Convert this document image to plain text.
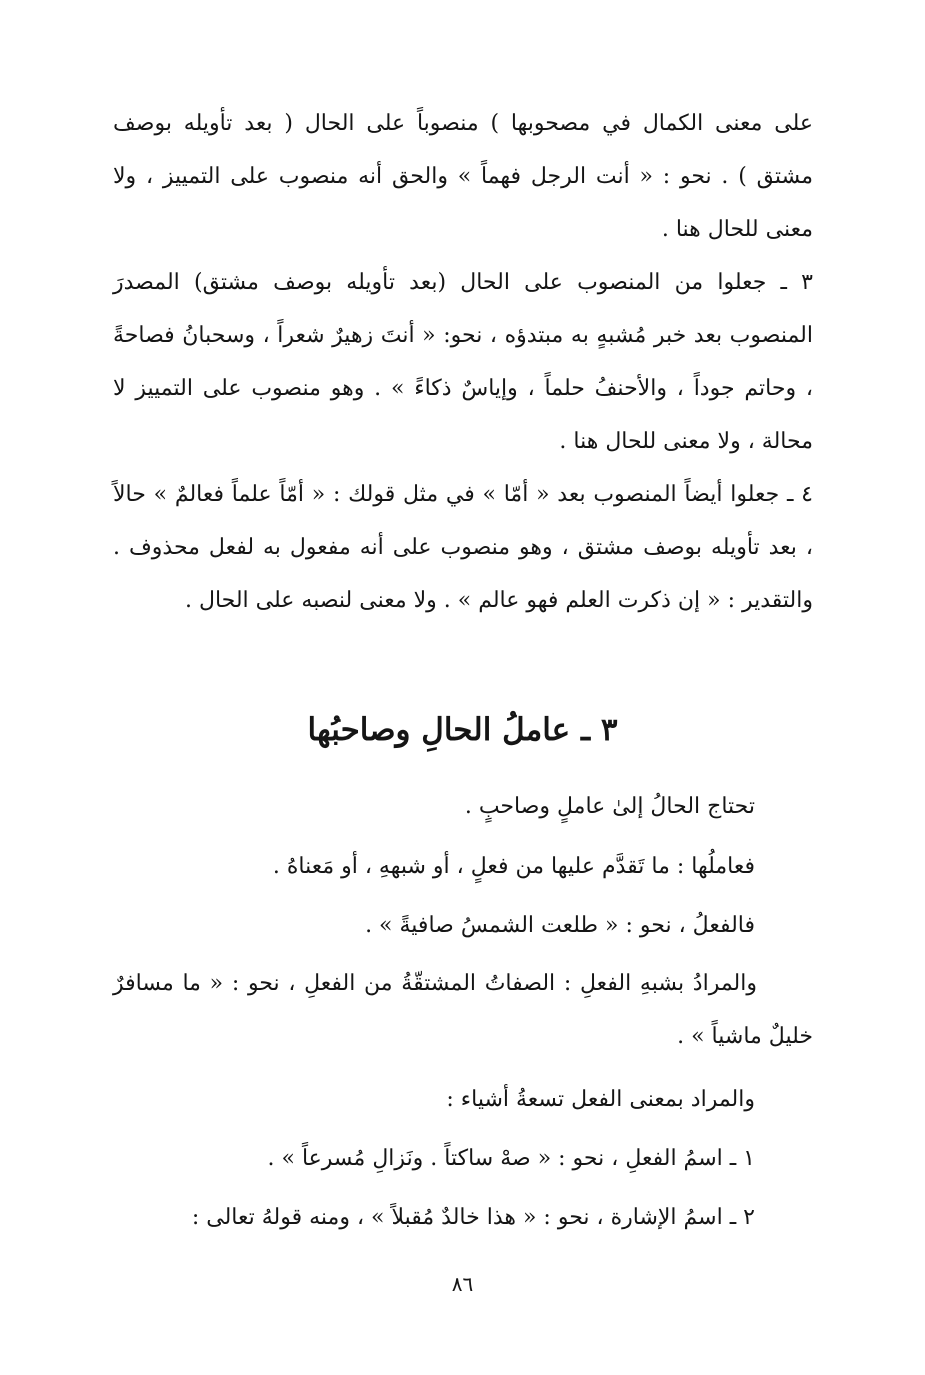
على معنى الكمال في مصحوبها ) منصوباً على الحال ( بعد تأويله بوصف مشتق ) . نحو : « أنت الرجل فهماً » والحق أنه منصوب على التمييز ، ولا معنى للحال هنا .

٣ ـ جعلوا من المنصوب على الحال (بعد تأويله بوصف مشتق) المصدرَ المنصوب بعد خبر مُشبهٍ به مبتدؤه ، نحو: « أنتَ زهيرٌ شعراً ، وسحبانُ فصاحةً ، وحاتم جوداً ، والأحنفُ حلماً ، وإياسٌ ذكاءً » . وهو منصوب على التمييز لا محالة ، ولا معنى للحال هنا .

٤ ـ جعلوا أيضاً المنصوب بعد « أمّا » في مثل قولك : « أمّاً علماً فعالمٌ » حالاً ، بعد تأويله بوصف مشتق ، وهو منصوب على أنه مفعول به لفعل محذوف . والتقدير : « إن ذكرت العلم فهو عالم » . ولا معنى لنصبه على الحال .

٣ ـ عاملُ الحالِ وصاحبُها
تحتاج الحالُ إلىٰ عاملٍ وصاحبٍ .
فعاملُها : ما تَقدَّم عليها من فعلٍ ، أو شبههِ ، أو مَعناهُ .
فالفعلُ ، نحو : « طلعت الشمسُ صافيةً » .

والمرادُ بشبهِ الفعلِ : الصفاتُ المشتقّةُ من الفعلِ ، نحو : « ما مسافرٌ خليلٌ ماشياً » .

والمراد بمعنى الفعل تسعةُ أشياء :
١ ـ اسمُ الفعلِ ، نحو : « صهْ ساكتاً . ونَزالِ مُسرعاً » .
٢ ـ اسمُ الإشارة ، نحو : « هذا خالدٌ مُقبلاً » ، ومنه قولهُ تعالى :
٨٦
